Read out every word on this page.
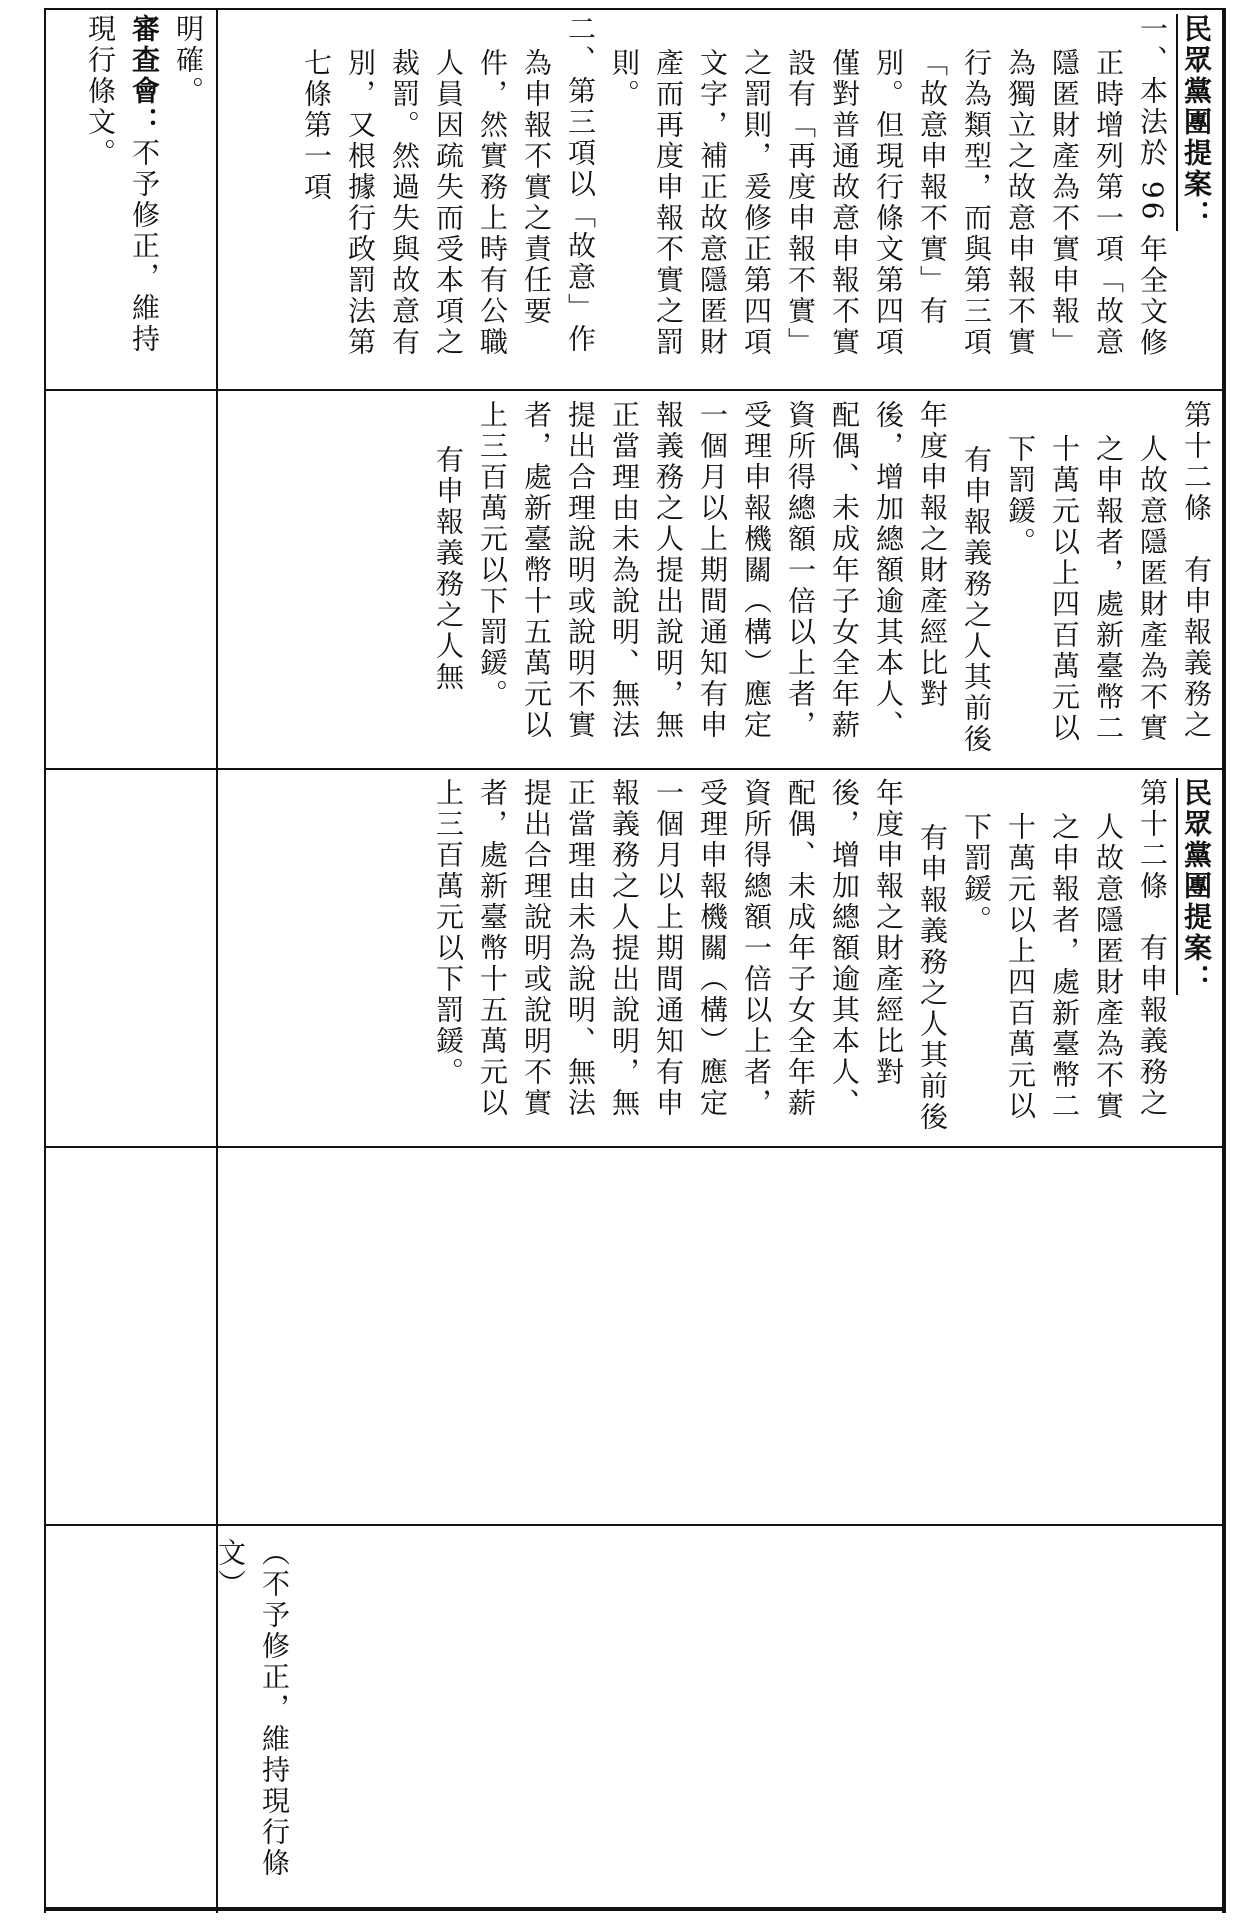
（不予修正，維持現行條文）

民眾黨團提案：

第十二條　有申報義務之人故意隱匿財產為不實之申報者，處新臺幣二十萬元以上四百萬元以下罰鍰。

有申報義務之人其前後年度申報之財產經比對後，增加總額逾其本人、配偶、未成年子女全年薪資所得總額一倍以上者，受理申報機關（構）應定一個月以上期間通知有申報義務之人提出說明，無正當理由未為說明、無法提出合理說明或說明不實者，處新臺幣十五萬元以上三百萬元以下罰鍰。

第十二條　有申報義務之人故意隱匿財產為不實之申報者，處新臺幣二十萬元以上四百萬元以下罰鍰。

有申報義務之人其前後年度申報之財產經比對後，增加總額逾其本人、配偶、未成年子女全年薪資所得總額一倍以上者，受理申報機關（構）應定一個月以上期間通知有申報義務之人提出說明，無正當理由未為說明、無法提出合理說明或說明不實者，處新臺幣十五萬元以上三百萬元以下罰鍰。

有申報義務之人無

明確。

審查會：不予修正，維持現行條文。	民眾黨團提案：

一、本法於 96 年全文修正時增列第一項「故意隱匿財產為不實申報」為獨立之故意申報不實行為類型，而與第三項「故意申報不實」有別。但現行條文第四項僅對普通故意申報不實設有「再度申報不實」之罰則，爰修正第四項文字，補正故意隱匿財產而再度申報不實之罰則。

二、第三項以「故意」作為申報不實之責任要件，然實務上時有公職人員因疏失而受本項之裁罰。然過失與故意有別，又根據行政罰法第七條第一項
